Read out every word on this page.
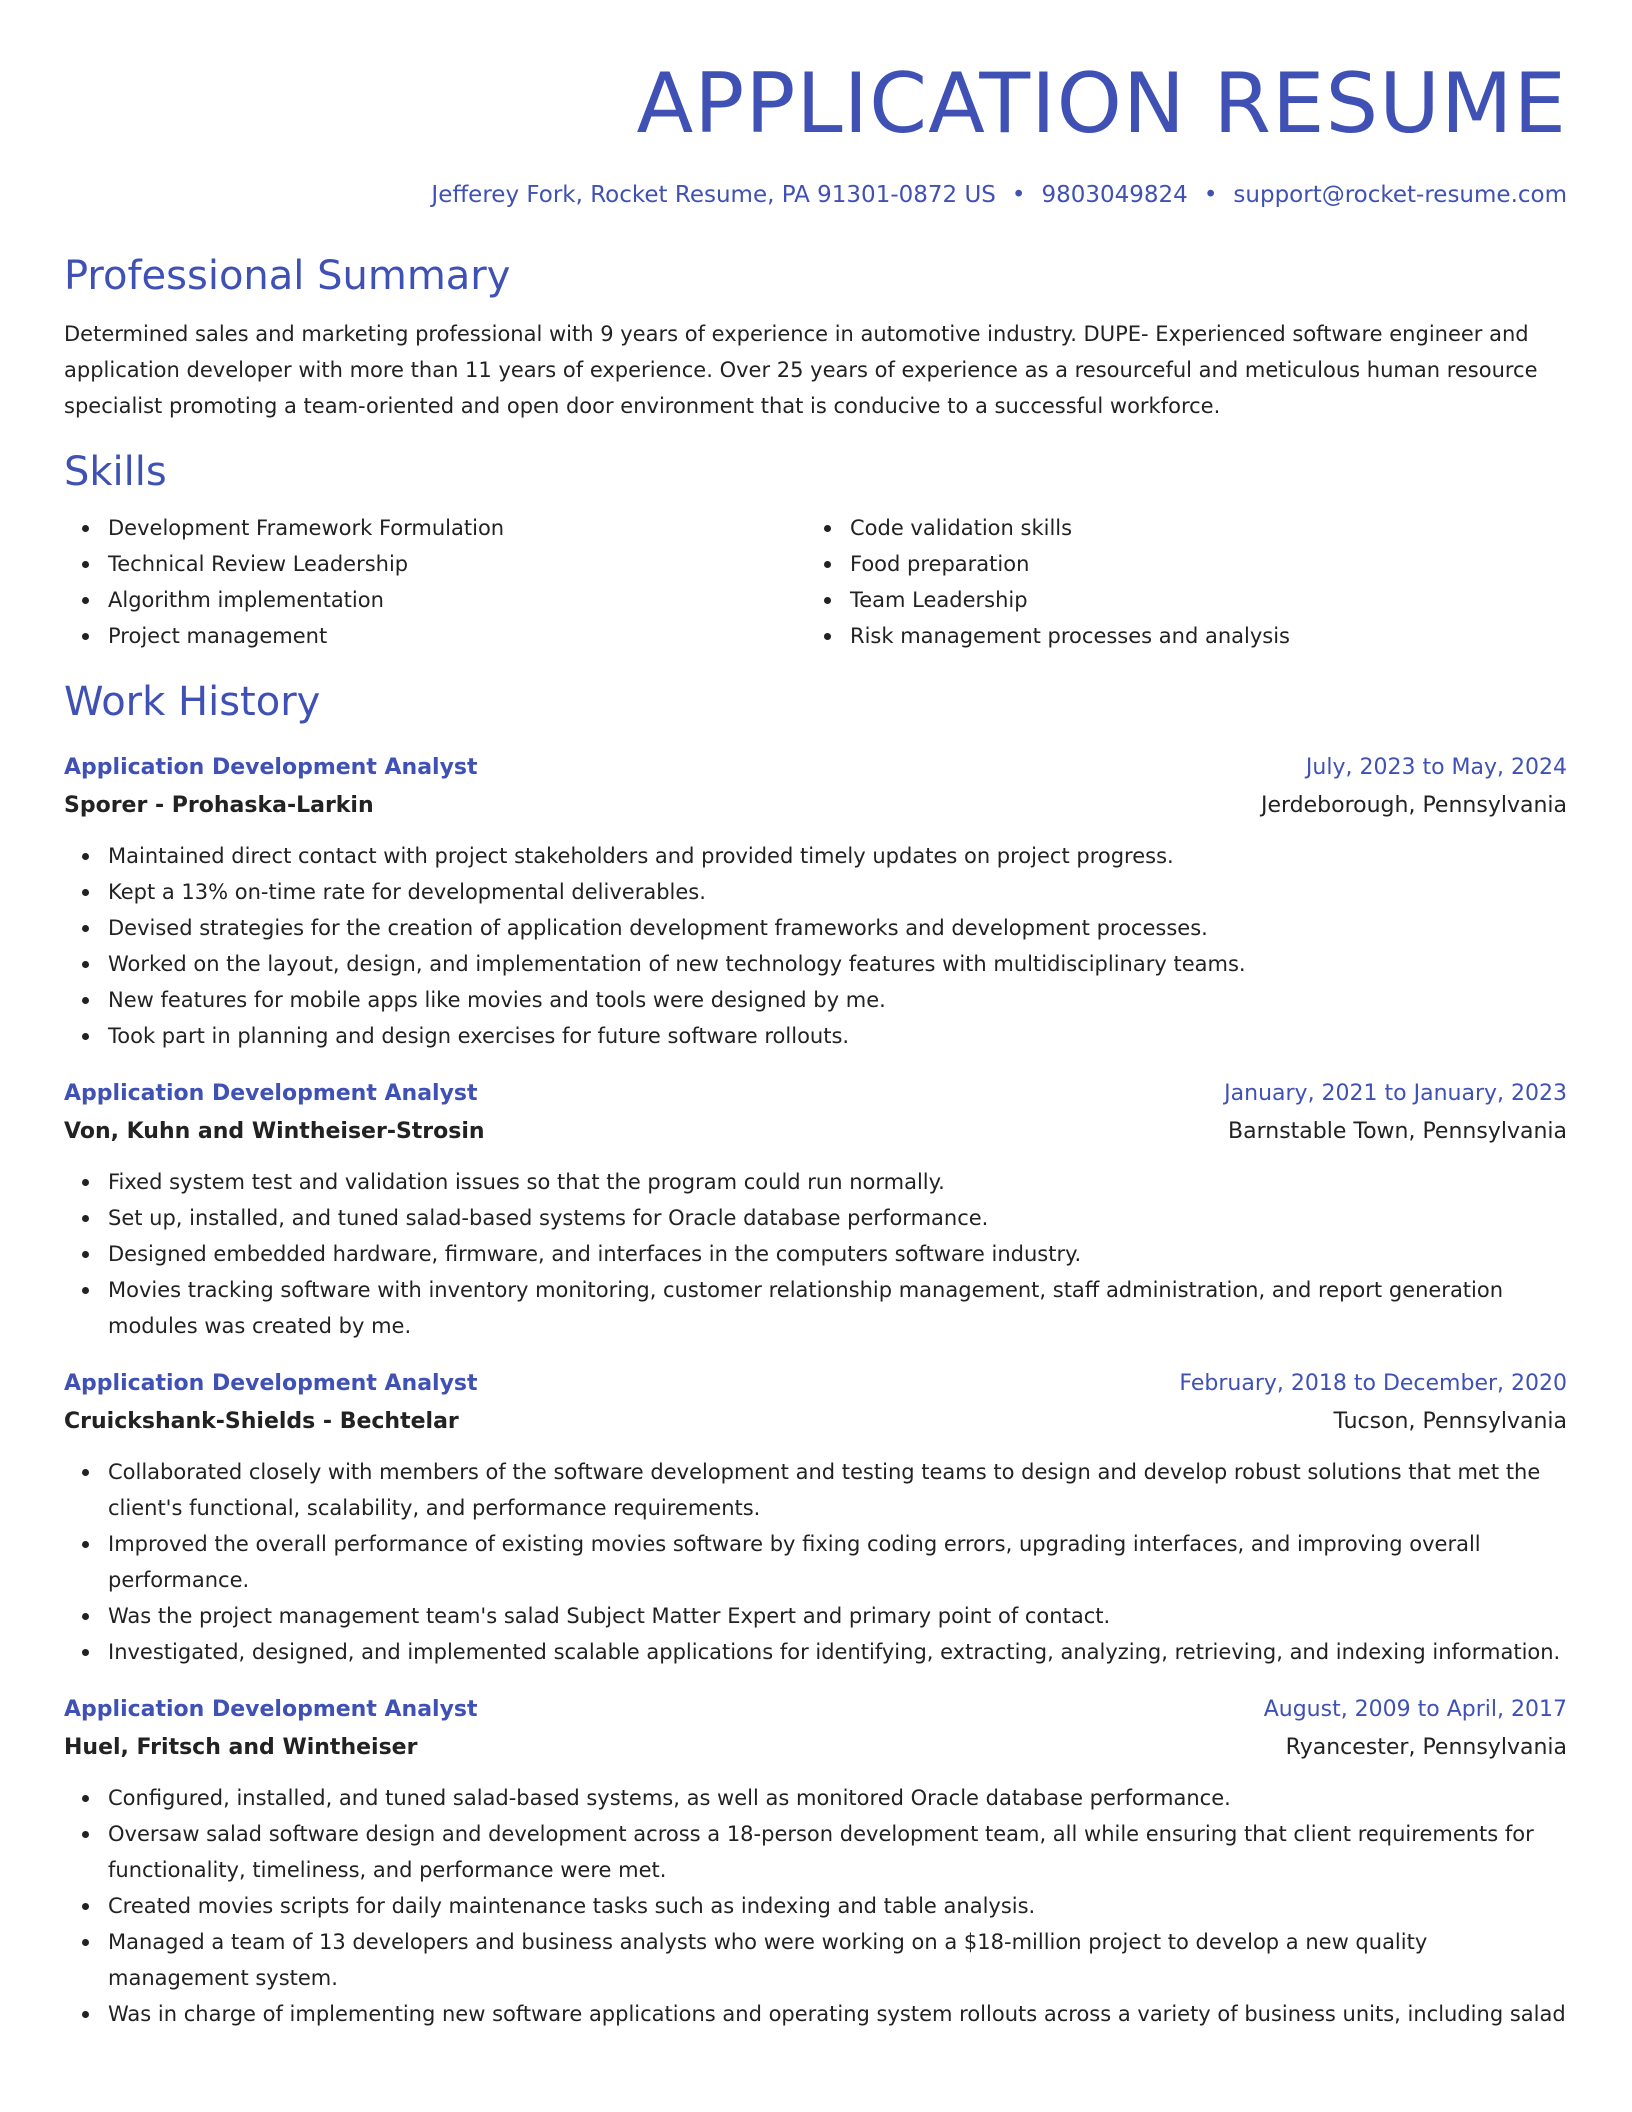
APPLICATION RESUME
Jefferey Fork, Rocket Resume, PA 91301-0872 US • 9803049824 • support@rocket-resume.com
Professional Summary
Determined sales and marketing professional with 9 years of experience in automotive industry. DUPE- Experienced software engineer and application developer with more than 11 years of experience. Over 25 years of experience as a resourceful and meticulous human resource specialist promoting a team-oriented and open door environment that is conducive to a successful workforce.
Skills
Development Framework Formulation
Technical Review Leadership
Algorithm implementation
Project management
Code validation skills
Food preparation
Team Leadership
Risk management processes and analysis
Work History
Application Development Analyst	July, 2023 to May, 2024
Sporer - Prohaska-Larkin	Jerdeborough, Pennsylvania
Maintained direct contact with project stakeholders and provided timely updates on project progress.
Kept a 13% on-time rate for developmental deliverables.
Devised strategies for the creation of application development frameworks and development processes.
Worked on the layout, design, and implementation of new technology features with multidisciplinary teams.
New features for mobile apps like movies and tools were designed by me.
Took part in planning and design exercises for future software rollouts.
Application Development Analyst	January, 2021 to January, 2023
Von, Kuhn and Wintheiser-Strosin	Barnstable Town, Pennsylvania
Fixed system test and validation issues so that the program could run normally.
Set up, installed, and tuned salad-based systems for Oracle database performance.
Designed embedded hardware, firmware, and interfaces in the computers software industry.
Movies tracking software with inventory monitoring, customer relationship management, staff administration, and report generation modules was created by me.
Application Development Analyst	February, 2018 to December, 2020
Cruickshank-Shields - Bechtelar	Tucson, Pennsylvania
Collaborated closely with members of the software development and testing teams to design and develop robust solutions that met the client's functional, scalability, and performance requirements.
Improved the overall performance of existing movies software by fixing coding errors, upgrading interfaces, and improving overall performance.
Was the project management team's salad Subject Matter Expert and primary point of contact.
Investigated, designed, and implemented scalable applications for identifying, extracting, analyzing, retrieving, and indexing information.
Application Development Analyst	August, 2009 to April, 2017
Huel, Fritsch and Wintheiser	Ryancester, Pennsylvania
Configured, installed, and tuned salad-based systems, as well as monitored Oracle database performance.
Oversaw salad software design and development across a 18-person development team, all while ensuring that client requirements for functionality, timeliness, and performance were met.
Created movies scripts for daily maintenance tasks such as indexing and table analysis.
Managed a team of 13 developers and business analysts who were working on a $18-million project to develop a new quality management system.
Was in charge of implementing new software applications and operating system rollouts across a variety of business units, including salad
